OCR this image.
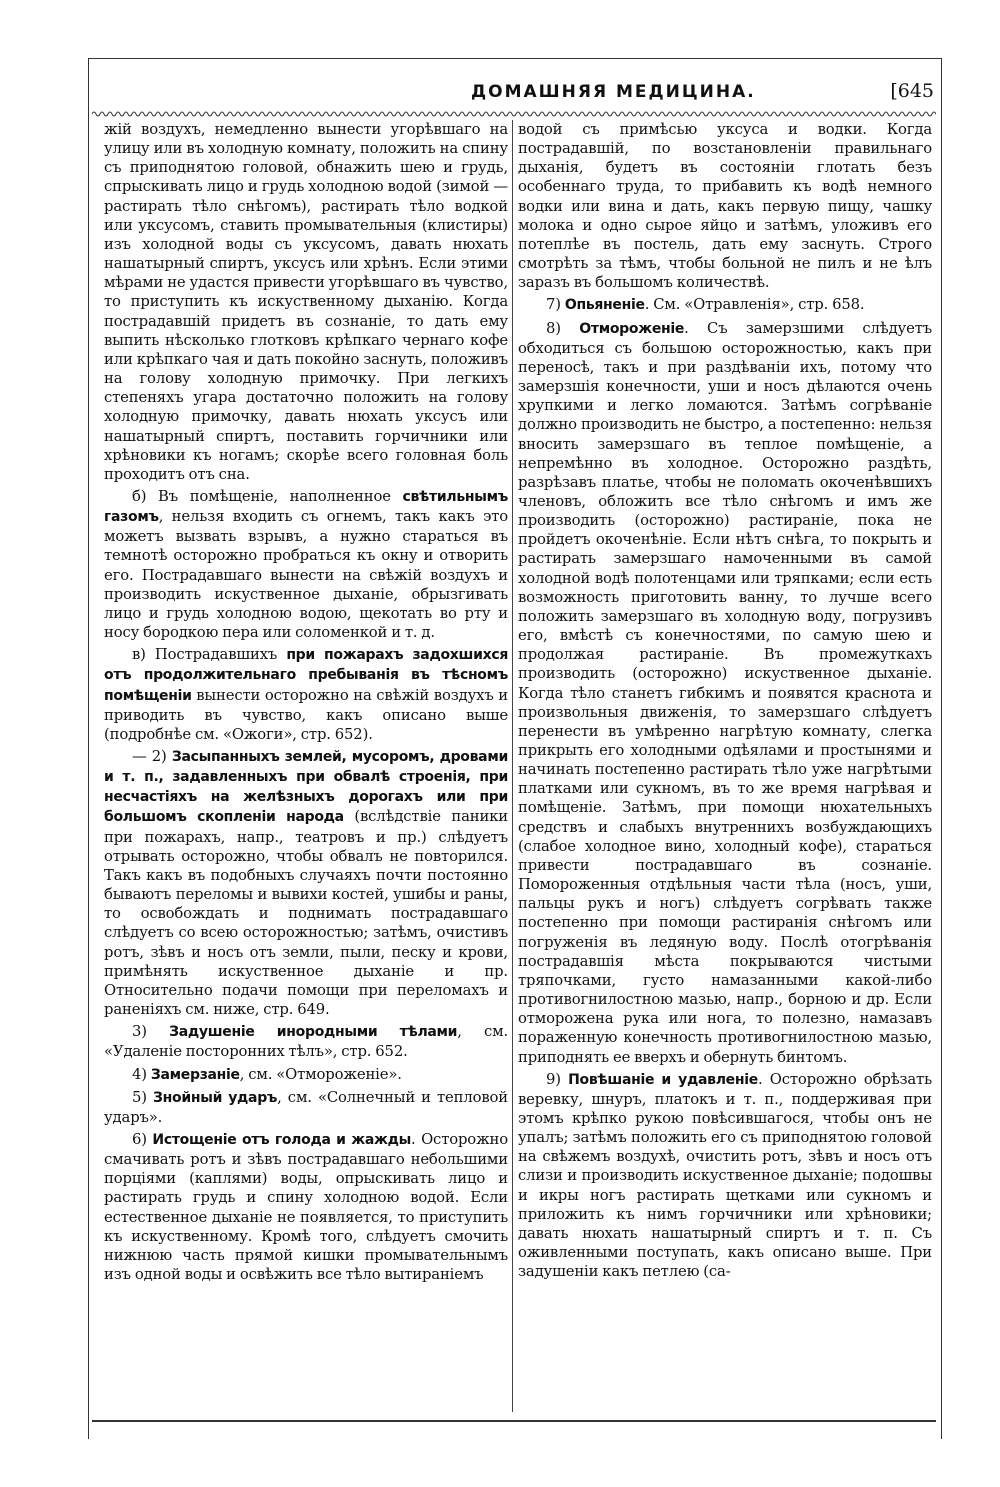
ДОМАШНЯЯ МЕДИЦИНА.	[645

жій воздухъ, немедленно вынести угорѣвшаго на улицу или въ холодную комнату, положить на спину съ приподнятою головой, обнажить шею и грудь, спрыскивать лицо и грудь холодною водой (зимой — растирать тѣло снѣгомъ), растирать тѣло водкой или уксусомъ, ставить промывательныя (клистиры) изъ холодной воды съ уксусомъ, давать нюхать нашатырный спиртъ, уксусъ или хрѣнъ. Если этими мѣрами не удастся привести угорѣвшаго въ чувство, то приступить къ искуственному дыханію. Когда пострадавшій придетъ въ сознаніе, то дать ему выпить нѣсколько глотковъ крѣпкаго чернаго кофе или крѣпкаго чая и дать покойно заснуть, положивъ на голову холодную примочку. При легкихъ степеняхъ угара достаточно положить на голову холодную примочку, давать нюхать уксусъ или нашатырный спиртъ, поставить горчичники или хрѣновики къ ногамъ; скорѣе всего головная боль проходитъ отъ сна.

б) Въ помѣщеніе, наполненное свѣтильнымъ газомъ, нельзя входить съ огнемъ, такъ какъ это можетъ вызвать взрывъ, а нужно стараться въ темнотѣ осторожно пробраться къ окну и отворить его. Пострадавшаго вынести на свѣжій воздухъ и производить искуственное дыханіе, обрызгивать лицо и грудь холодною водою, щекотать во рту и носу бородкою пера или соломенкой и т. д.

в) Пострадавшихъ при пожарахъ задохшихся отъ продолжительнаго пребыванія въ тѣсномъ помѣщеніи вынести осторожно на свѣжій воздухъ и приводить въ чувство, какъ описано выше (подробнѣе см. «Ожоги», стр. 652).

— 2) Засыпанныхъ землей, мусоромъ, дровами и т. п., задавленныхъ при обвалѣ строенія, при несчастіяхъ на желѣзныхъ дорогахъ или при большомъ скопленіи народа (вслѣдствіе паники при пожарахъ, напр., театровъ и пр.) слѣдуетъ отрывать осторожно, чтобы обвалъ не повторился. Такъ какъ въ подобныхъ случаяхъ почти постоянно бываютъ переломы и вывихи костей, ушибы и раны, то освобождать и поднимать пострадавшаго слѣдуетъ со всею осторожностью; затѣмъ, очистивъ ротъ, зѣвъ и носъ отъ земли, пыли, песку и крови, примѣнять искуственное дыханіе и пр. Относительно подачи помощи при переломахъ и раненіяхъ см. ниже, стр. 649.

3) Задушеніе инородными тѣлами, см. «Удаленіе посторонних тѣлъ», стр. 652.

4) Замерзаніе, см. «Отмороженіе».

5) Знойный ударъ, см. «Солнечный и тепловой ударъ».

6) Истощеніе отъ голода и жажды. Осторожно смачивать ротъ и зѣвъ пострадавшаго небольшими порціями (каплями) воды, опрыскивать лицо и растирать грудь и спину холодною водой. Если естественное дыханіе не появляется, то приступить къ искуственному. Кромѣ того, слѣдуетъ смочить нижнюю часть прямой кишки промывательнымъ изъ одной воды и освѣжить все тѣло вытираніемъ

водой съ примѣсью уксуса и водки. Когда пострадавшій, по возстановленіи правильнаго дыханія, будетъ въ состояніи глотать безъ особеннаго труда, то прибавить къ водѣ немного водки или вина и дать, какъ первую пищу, чашку молока и одно сырое яйцо и затѣмъ, уложивъ его потеплѣе въ постель, дать ему заснуть. Строго смотрѣть за тѣмъ, чтобы больной не пилъ и не ѣлъ заразъ въ большомъ количествѣ.

7) Опьяненіе. См. «Отравленія», стр. 658.

8) Отмороженіе. Съ замерзшими слѣдуетъ обходиться съ большою осторожностью, какъ при переносѣ, такъ и при раздѣваніи ихъ, потому что замерзшія конечности, уши и носъ дѣлаются очень хрупкими и легко ломаются. Затѣмъ согрѣваніе должно производить не быстро, а постепенно: нельзя вносить замерзшаго въ теплое помѣщеніе, а непремѣнно въ холодное. Осторожно раздѣть, разрѣзавъ платье, чтобы не поломать окоченѣвшихъ членовъ, обложить все тѣло снѣгомъ и имъ же производить (осторожно) растираніе, пока не пройдетъ окоченѣніе. Если нѣтъ снѣга, то покрыть и растирать замерзшаго намоченными въ самой холодной водѣ полотенцами или тряпками; если есть возможность приготовить ванну, то лучше всего положить замерзшаго въ холодную воду, погрузивъ его, вмѣстѣ съ конечностями, по самую шею и продолжая растираніе. Въ промежуткахъ производить (осторожно) искуственное дыханіе. Когда тѣло станетъ гибкимъ и появятся краснота и произвольныя движенія, то замерзшаго слѣдуетъ перенести въ умѣренно нагрѣтую комнату, слегка прикрыть его холодными одѣялами и простынями и начинать постепенно растирать тѣло уже нагрѣтыми платками или сукномъ, въ то же время нагрѣвая и помѣщеніе. Затѣмъ, при помощи нюхательныхъ средствъ и слабыхъ внутреннихъ возбуждающихъ (слабое холодное вино, холодный кофе), стараться привести пострадавшаго въ сознаніе. Помороженныя отдѣльныя части тѣла (носъ, уши, пальцы рукъ и ногъ) слѣдуетъ согрѣвать также постепенно при помощи растиранія снѣгомъ или погруженія въ ледяную воду. Послѣ отогрѣванія пострадавшія мѣста покрываются чистыми тряпочками, густо намазанными какой-либо противогнилостною мазью, напр., борною и др. Если отморожена рука или нога, то полезно, намазавъ пораженную конечность противогнилостною мазью, приподнять ее вверхъ и обернуть бинтомъ.

9) Повѣшаніе и удавленіе. Осторожно обрѣзать веревку, шнуръ, платокъ и т. п., поддерживая при этомъ крѣпко рукою повѣсившагося, чтобы онъ не упалъ; затѣмъ положить его съ приподнятою головой на свѣжемъ воздухѣ, очистить ротъ, зѣвъ и носъ отъ слизи и производить искуственное дыханіе; подошвы и икры ногъ растирать щетками или сукномъ и приложить къ нимъ горчичники или хрѣновики; давать нюхать нашатырный спиртъ и т. п. Съ оживленными поступать, какъ описано выше. При задушеніи какъ петлею (са-
